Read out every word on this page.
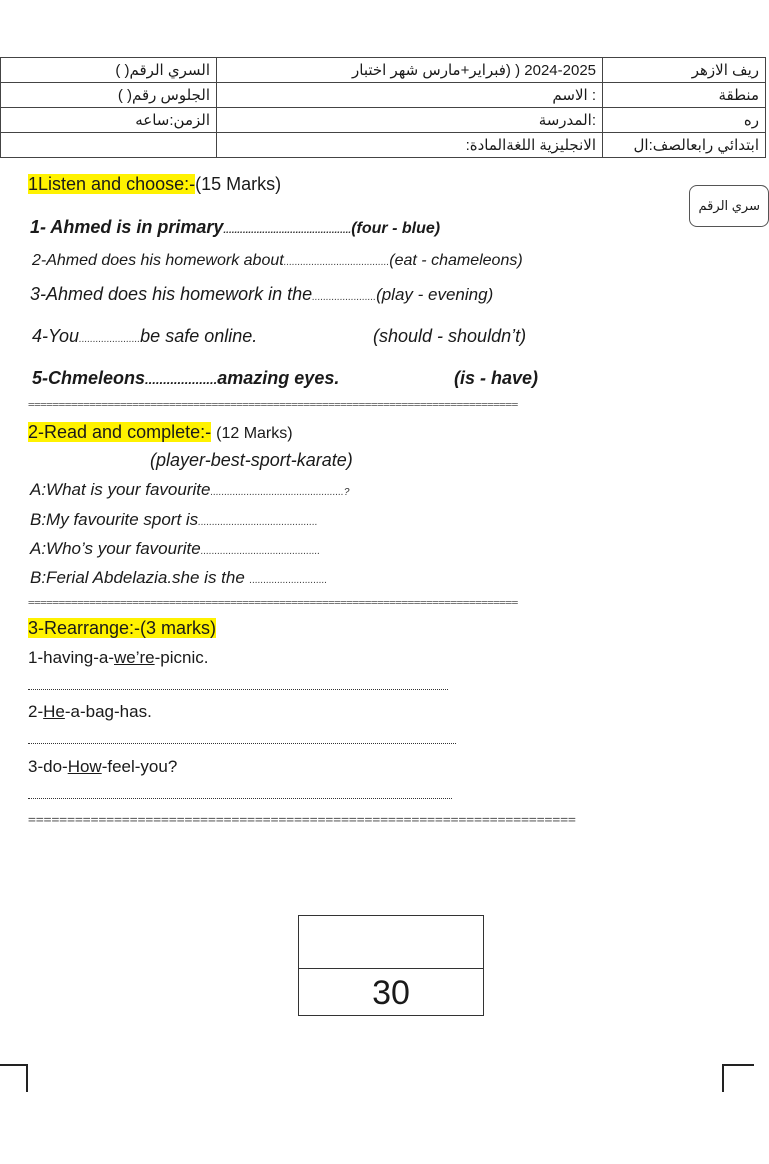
السري الرقم( )	2024-2025 ( (فبراير+مارس شهر اختبار	ريف الازهر
الجلوس رقم( )	: الاسم	منطقة
الزمن:ساعه	:المدرسة	ره
	الانجليزية اللغةالمادة:	ابتدائي رابعالصف:ال
سري الرقم
1Listen and choose:-(15 Marks)
1- Ahmed is in primary..............................................(four - blue)
2-Ahmed does his homework about......................................(eat - chameleons)
3-Ahmed does his homework in the.......................(play - evening)
4-You......................be safe online.	(should - shouldn’t)
5-Chmeleons....................amazing eyes.	(is - have)
================================================================================
2-Read and complete:- (12 Marks)
(player-best-sport-karate)
A:What is your favourite................................................?
B:My favourite sport is...........................................
A:Who’s your favourite...........................................
B:Ferial Abdelazia.she is the ............................
================================================================================
3-Rearrange:-(3 marks)
1-having-a-we’re-picnic.
2-He-a-bag-has.
3-do-How-feel-you?
======================================================================
30
